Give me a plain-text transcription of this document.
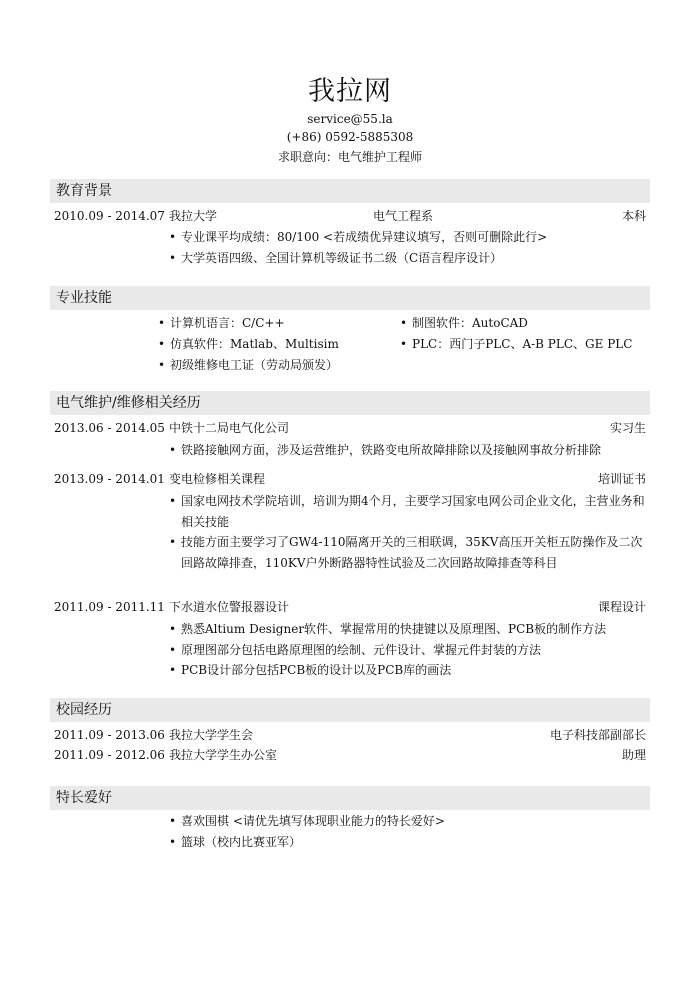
我拉网
service@55.la
(+86) 0592-5885308
求职意向：电气维护工程师
教育背景
2010.09 - 2014.07 我拉大学	电气工程系	本科
• 专业课平均成绩：80/100 <若成绩优异建议填写，否则可删除此行>
• 大学英语四级、全国计算机等级证书二级（C语言程序设计）
专业技能
• 计算机语言：C/C++
• 仿真软件：Matlab、Multisim
• 初级维修电工证（劳动局颁发）
• 制图软件：AutoCAD
• PLC：西门子PLC、A-B PLC、GE PLC
电气维护/维修相关经历
2013.06 - 2014.05 中铁十二局电气化公司	实习生
• 铁路接触网方面，涉及运营维护，铁路变电所故障排除以及接触网事故分析排除
2013.09 - 2014.01 变电检修相关课程	培训证书
• 国家电网技术学院培训，培训为期4个月，主要学习国家电网公司企业文化，主营业务和相关技能
• 技能方面主要学习了GW4-110隔离开关的三相联调，35KV高压开关柜五防操作及二次回路故障排查，110KV户外断路器特性试验及二次回路故障排查等科目
2011.09 - 2011.11 下水道水位警报器设计	课程设计
• 熟悉Altium Designer软件、掌握常用的快捷键以及原理图、PCB板的制作方法
• 原理图部分包括电路原理图的绘制、元件设计、掌握元件封装的方法
• PCB设计部分包括PCB板的设计以及PCB库的画法
校园经历
2011.09 - 2013.06 我拉大学学生会	电子科技部副部长
2011.09 - 2012.06 我拉大学学生办公室	助理
特长爱好
• 喜欢围棋 <请优先填写体现职业能力的特长爱好>
• 篮球（校内比赛亚军）
